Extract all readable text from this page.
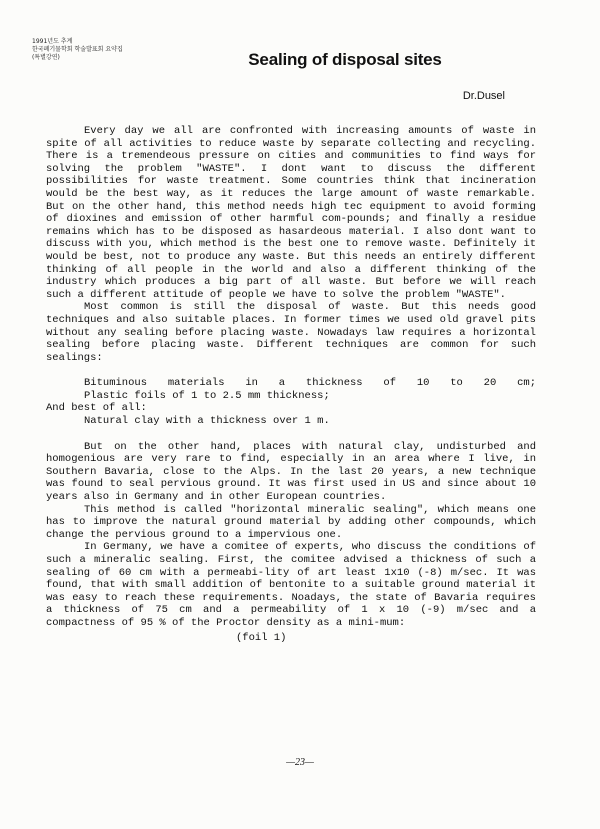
1991년도 추계
한국폐기물학회 학술발표회 요약집
(특별강연)	Sealing of disposal sites
Dr.Dusel
Every day we all are confronted with increasing amounts of waste in spite of all activities to reduce waste by separate collecting and recycling. There is a tremendeous pressure on cities and communities to find ways for solving the problem "WASTE". I dont want to discuss the different possibilities for waste treatment. Some countries think that incineration would be the best way, as it reduces the large amount of waste remarkable. But on the other hand, this method needs high tec equipment to avoid forming of dioxines and emission of other harmful com-pounds; and finally a residue remains which has to be disposed as hasardeous material. I also dont want to discuss with you, which method is the best one to remove waste. Definitely it would be best, not to produce any waste. But this needs an entirely different thinking of all people in the world and also a different thinking of the industry which produces a big part of all waste. But before we will reach such a different attitude of people we have to solve the problem "WASTE".
Most common is still the disposal of waste. But this needs good techniques and also suitable places. In former times we used old gravel pits without any sealing before placing waste. Nowadays law requires a horizontal sealing before placing waste. Different techniques are common for such sealings:
Bituminous materials in a thickness of 10 to 20 cm;
Plastic foils of 1 to 2.5 mm thickness;
And best of all:
Natural clay with a thickness over 1 m.
But on the other hand, places with natural clay, undisturbed and homogenious are very rare to find, especially in an area where I live, in Southern Bavaria, close to the Alps. In the last 20 years, a new technique was found to seal pervious ground. It was first used in US and since about 10 years also in Germany and in other European countries.
This method is called "horizontal mineralic sealing", which means one has to improve the natural ground material by adding other compounds, which change the pervious ground to a impervious one.
In Germany, we have a comitee of experts, who discuss the conditions of such a mineralic sealing. First, the comitee advised a thickness of such a sealing of 60 cm with a permeabi-lity of art least 1x10 (-8) m/sec. It was found, that with small addition of bentonite to a suitable ground material it was easy to reach these requirements. Noadays, the state of Bavaria requires a thickness of 75 cm and a permeability of 1 x 10 (-9) m/sec and a compactness of 95 % of the Proctor density as a mini-mum:
(foil 1)
—23—
